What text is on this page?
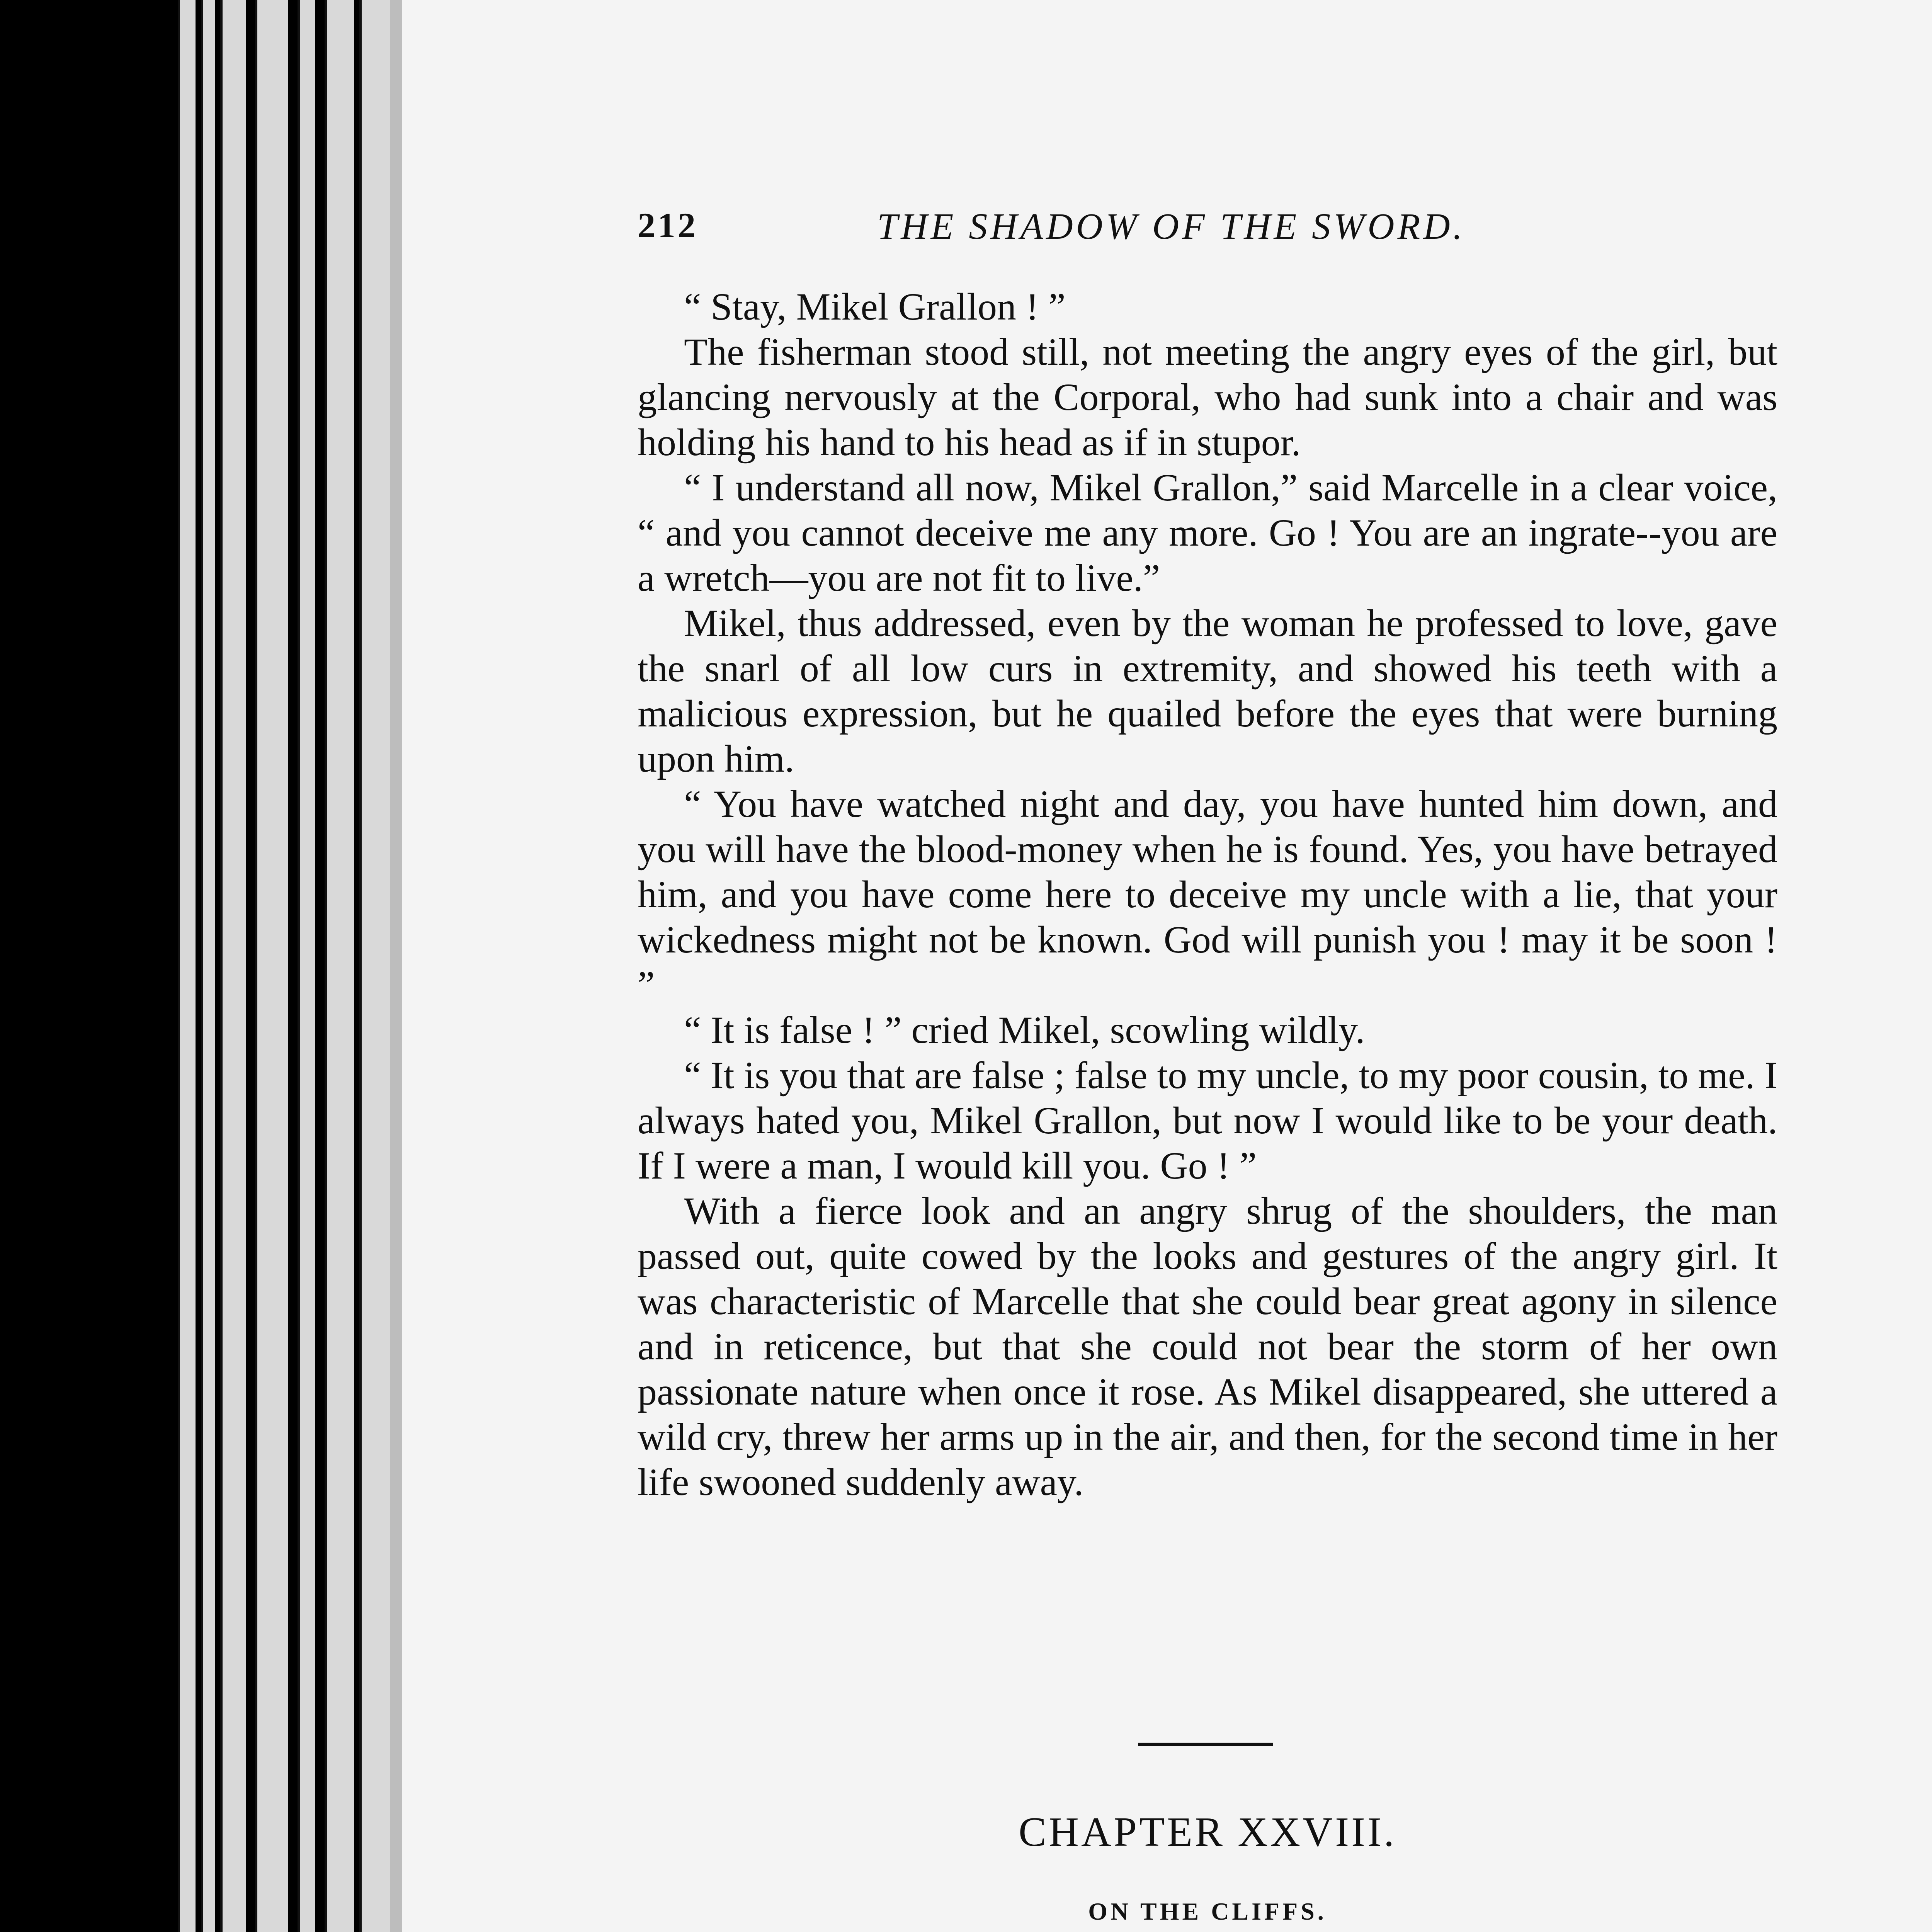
212	THE SHADOW OF THE SWORD.

“ Stay, Mikel Grallon ! ”

The fisherman stood still, not meeting the angry eyes of the girl, but glancing nervously at the Corporal, who had sunk into a chair and was holding his hand to his head as if in stupor.

“ I understand all now, Mikel Grallon,” said Marcelle in a clear voice, “ and you cannot deceive me any more. Go ! You are an ingrate--you are a wretch—you are not fit to live.”

Mikel, thus addressed, even by the woman he professed to love, gave the snarl of all low curs in extremity, and showed his teeth with a malicious expression, but he quailed before the eyes that were burning upon him.

“ You have watched night and day, you have hunted him down, and you will have the blood-money when he is found. Yes, you have betrayed him, and you have come here to deceive my uncle with a lie, that your wickedness might not be known. God will punish you ! may it be soon ! ”

“ It is false ! ” cried Mikel, scowling wildly.

“ It is you that are false ; false to my uncle, to my poor cousin, to me. I always hated you, Mikel Grallon, but now I would like to be your death. If I were a man, I would kill you. Go ! ”

With a fierce look and an angry shrug of the shoulders, the man passed out, quite cowed by the looks and gestures of the angry girl. It was characteristic of Marcelle that she could bear great agony in silence and in reticence, but that she could not bear the storm of her own passionate nature when once it rose. As Mikel disappeared, she uttered a wild cry, threw her arms up in the air, and then, for the second time in her life swooned suddenly away.

CHAPTER XXVIII.
ON THE CLIFFS.
